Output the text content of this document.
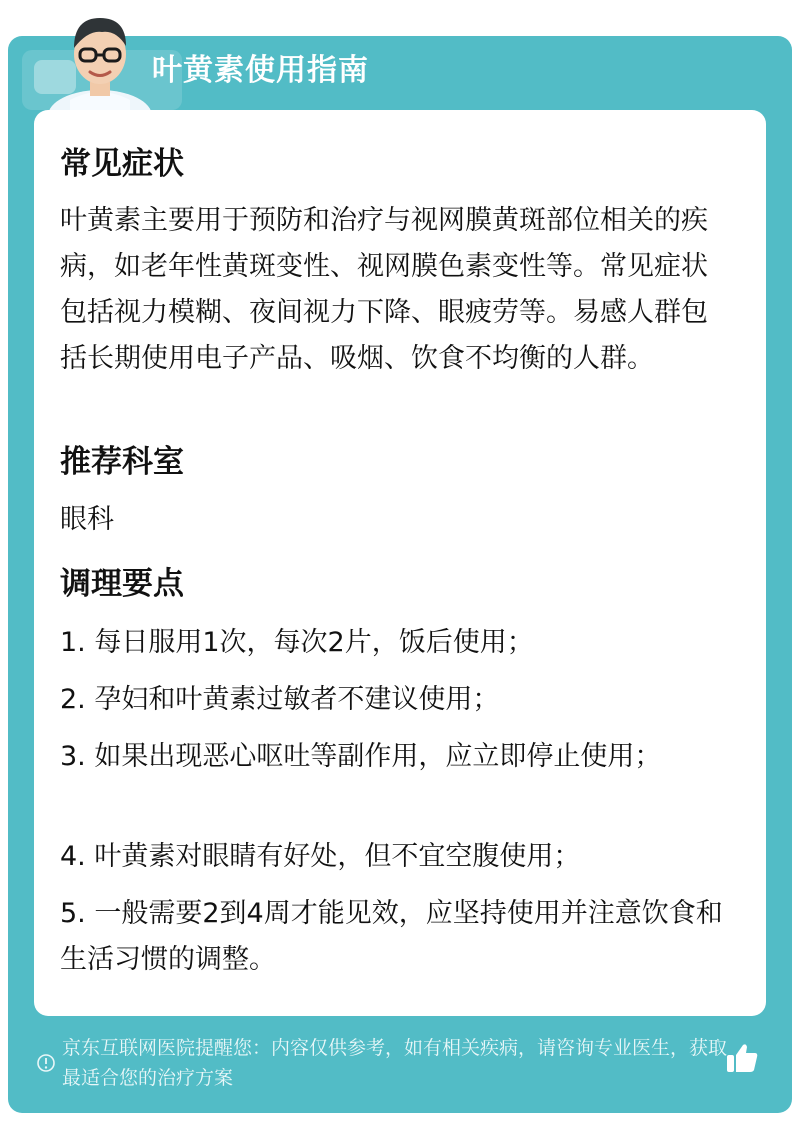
叶黄素使用指南
常见症状
叶黄素主要用于预防和治疗与视网膜黄斑部位相关的疾病，如老年性黄斑变性、视网膜色素变性等。常见症状包括视力模糊、夜间视力下降、眼疲劳等。易感人群包括长期使用电子产品、吸烟、饮食不均衡的人群。
推荐科室
眼科
调理要点
1. 每日服用1次，每次2片，饭后使用；
2. 孕妇和叶黄素过敏者不建议使用；
3. 如果出现恶心呕吐等副作用，应立即停止使用；
4. 叶黄素对眼睛有好处，但不宜空腹使用；
5. 一般需要2到4周才能见效，应坚持使用并注意饮食和生活习惯的调整。
京东互联网医院提醒您：内容仅供参考，如有相关疾病，请咨询专业医生，获取最适合您的治疗方案
